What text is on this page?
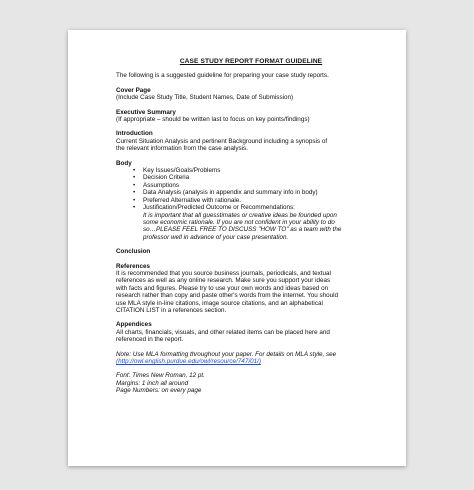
CASE STUDY REPORT FORMAT GUIDELINE
The following is a suggested guideline for preparing your case study reports.
Cover Page
(Include Case Study Title, Student Names, Date of Submission)
Executive Summary
(If appropriate – should be written last to focus on key points/findings)
Introduction
Current Situation Analysis and pertinent Background including a synopsis of
the relevant information from the case analysis.
Body
• Key Issues/Goals/Problems
• Decision Criteria
• Assumptions
• Data Analysis (analysis in appendix and summary info in body)
• Preferred Alternative with rationale.
• Justification/Predicted Outcome or Recommendations:
It is important that all guesstimates or creative ideas be founded upon
some economic rationale. If you are not confident in your ability to do
so…PLEASE FEEL FREE TO DISCUSS "HOW TO" as a team with the
professor well in advance of your case presentation.
Conclusion
References
It is recommended that you source business journals, periodicals, and textual
references as well as any online research. Make sure you support your ideas
with facts and figures. Please try to use your own words and ideas based on
research rather than copy and paste other's words from the internet. You should
use MLA style in-line citations, image source citations, and an alphabetical
CITATION LIST in a references section.
Appendices
All charts, financials, visuals, and other related items can be placed here and
referenced in the report.
Note: Use MLA formatting throughout your paper. For details on MLA style, see
(http://owl.english.purdue.edu/owl/resource/747/01/)
Font: Times New Roman, 12 pt.
Margins: 1 inch all around
Page Numbers: on every page
